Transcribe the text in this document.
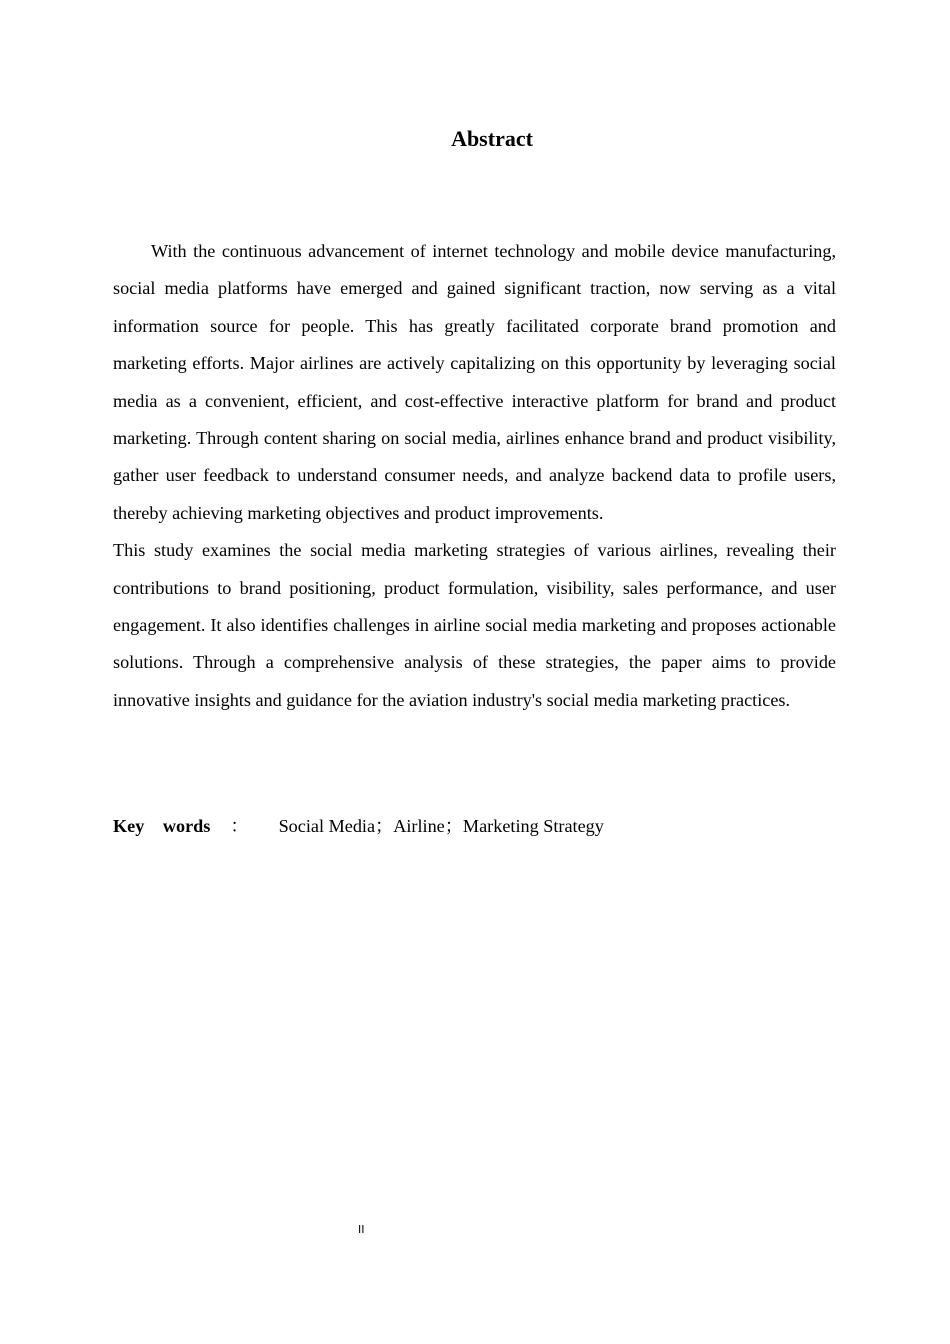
Abstract

With the continuous advancement of internet technology and mobile device manufacturing, social media platforms have emerged and gained significant traction, now serving as a vital information source for people. This has greatly facilitated corporate brand promotion and marketing efforts. Major airlines are actively capitalizing on this opportunity by leveraging social media as a convenient, efficient, and cost-effective interactive platform for brand and product marketing. Through content sharing on social media, airlines enhance brand and product visibility, gather user feedback to understand consumer needs, and analyze backend data to profile users, thereby achieving marketing objectives and product improvements.

This study examines the social media marketing strategies of various airlines, revealing their contributions to brand positioning, product formulation, visibility, sales performance, and user engagement. It also identifies challenges in airline social media marketing and proposes actionable solutions. Through a comprehensive analysis of these strategies, the paper aims to provide innovative insights and guidance for the aviation industry's social media marketing practices.

Key words ： Social Media；Airline；Marketing Strategy
II
